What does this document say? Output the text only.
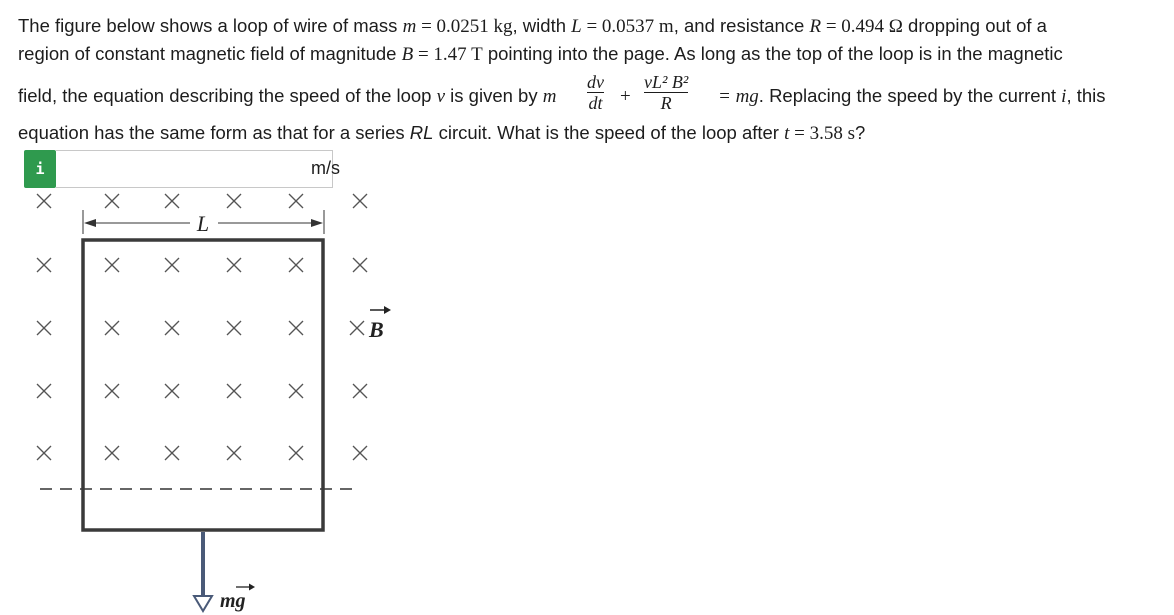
The figure below shows a loop of wire of mass m = 0.0251 kg, width L = 0.0537 m, and resistance R = 0.494 Ω dropping out of a
region of constant magnetic field of magnitude B = 1.47 T pointing into the page. As long as the top of the loop is in the magnetic
field, the equation describing the speed of the loop v is given by m
dv
dt +
vL² B²
R = mg. Replacing the speed by the current i, this
equation has the same form as that for a series RL circuit. What is the speed of the loop after t = 3.58 s?
i	m/s
L
B
mg
